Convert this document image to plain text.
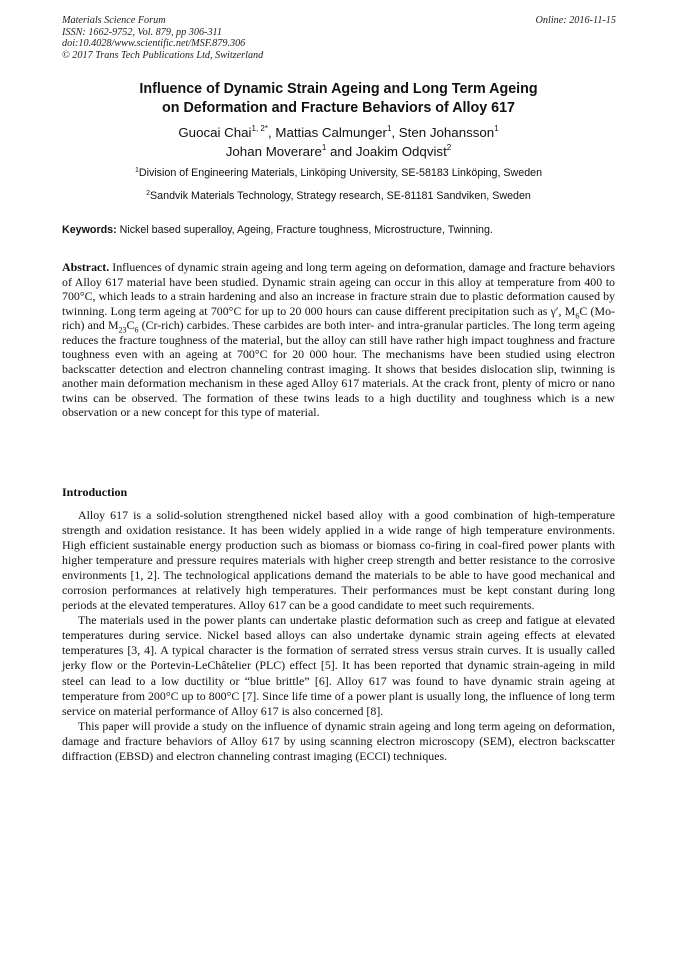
Materials Science Forum
ISSN: 1662-9752, Vol. 879, pp 306-311
doi:10.4028/www.scientific.net/MSF.879.306
© 2017 Trans Tech Publications Ltd, Switzerland
Online: 2016-11-15
Influence of Dynamic Strain Ageing and Long Term Ageing
on Deformation and Fracture Behaviors of Alloy 617
Guocai Chai$^{1, 2*}$, Mattias Calmunger$^1$, Sten Johansson$^1$
Johan Moverare$^1$ and Joakim Odqvist$^2$
$^1$Division of Engineering Materials, Linköping University, SE-58183 Linköping, Sweden
$^2$Sandvik Materials Technology, Strategy research, SE-81181 Sandviken, Sweden
Keywords: Nickel based superalloy, Ageing, Fracture toughness, Microstructure, Twinning.
Abstract. Influences of dynamic strain ageing and long term ageing on deformation, damage and fracture behaviors of Alloy 617 material have been studied. Dynamic strain ageing can occur in this alloy at temperature from 400 to 700°C, which leads to a strain hardening and also an increase in fracture strain due to plastic deformation caused by twinning. Long term ageing at 700°C for up to 20 000 hours can cause different precipitation such as γ′, $M_6C$ (Mo-rich) and $M_{23}C_6$ (Cr-rich) carbides. These carbides are both inter- and intra-granular particles. The long term ageing reduces the fracture toughness of the material, but the alloy can still have rather high impact toughness and fracture toughness even with an ageing at 700°C for 20 000 hour. The mechanisms have been studied using electron backscatter detection and electron channeling contrast imaging. It shows that besides dislocation slip, twinning is another main deformation mechanism in these aged Alloy 617 materials. At the crack front, plenty of micro or nano twins can be observed. The formation of these twins leads to a high ductility and toughness which is a new observation or a new concept for this type of material.
Introduction

Alloy 617 is a solid-solution strengthened nickel based alloy with a good combination of high-temperature strength and oxidation resistance. It has been widely applied in a wide range of high temperature environments. High efficient sustainable energy production such as biomass or biomass co-firing in coal-fired power plants with higher temperature and pressure requires materials with higher creep strength and better resistance to the corrosive environments [1, 2]. The technological applications demand the materials to be able to have good mechanical and corrosion performances at relatively high temperatures. Their performances must be kept constant during long periods at the elevated temperatures. Alloy 617 can be a good candidate to meet such requirements.

The materials used in the power plants can undertake plastic deformation such as creep and fatigue at elevated temperatures during service. Nickel based alloys can also undertake dynamic strain ageing effects at elevated temperatures [3, 4]. A typical character is the formation of serrated stress versus strain curves. It is usually called jerky flow or the Portevin-LeChâtelier (PLC) effect [5]. It has been reported that dynamic strain-ageing in mild steel can lead to a low ductility or “blue brittle” [6]. Alloy 617 was found to have dynamic strain ageing at temperature from 200°C up to 800°C [7]. Since life time of a power plant is usually long, the influence of long term service on material performance of Alloy 617 is also concerned [8].

This paper will provide a study on the influence of dynamic strain ageing and long term ageing on deformation, damage and fracture behaviors of Alloy 617 by using scanning electron microscopy (SEM), electron backscatter diffraction (EBSD) and electron channeling contrast imaging (ECCI) techniques.
